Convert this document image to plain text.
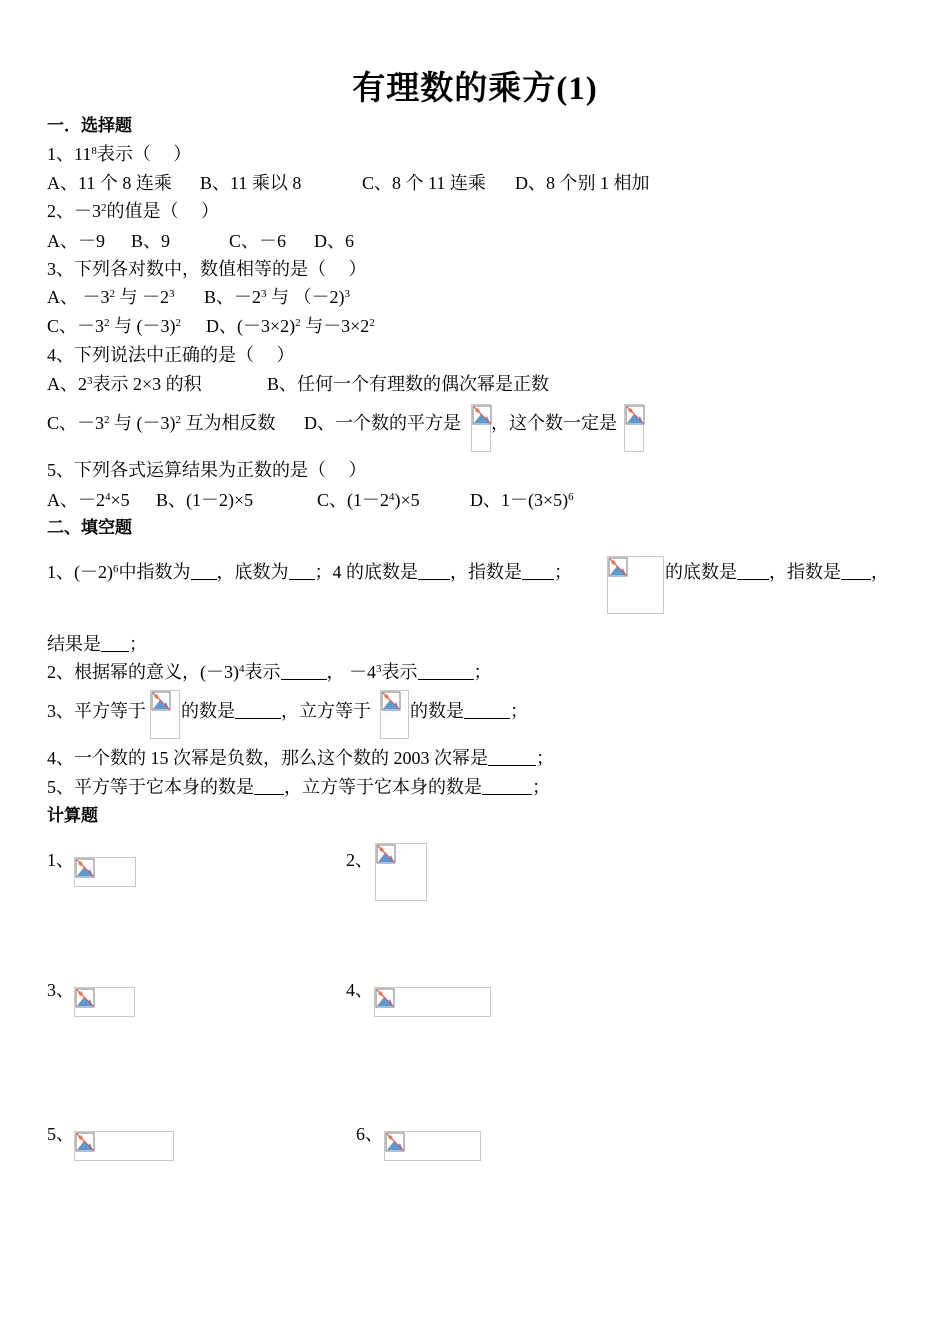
有理数的乘方(1)
一．选择题
1、$11^8$表示（　 ）
A、11 个 8 连乘 B、11 乘以 8	C、8 个 11 连乘 D、8 个别 1 相加
2、$-3^2$的值是（　 ）
A、－9 B、9	C、－6 D、6
3、下列各对数中，数值相等的是（　 ）
A、 $-3^2$ 与 $-2^3$ B、$-2^3$ 与 （－2)$^3$
C、$-3^2$ 与 $(-3)^2$ D、$(-3\times 2)^2$ 与$-3\times 2^2$
4、下列说法中正确的是（　 ）
A、$2^3$表示 2×3 的积	B、任何一个有理数的偶次幂是正数
C、$-3^2$ 与 $(-3)^2$ 互为相反数 D、一个数的平方是 ，这个数一定是
5、下列各式运算结果为正数的是（　 ）
A、$-2^4\times 5$ B、(1－2)×5	C、$(1-2^4)\times 5$	D、$1-(3\times 5)^6$
二、填空题
1、$(-2)^6$中指数为 ，底数为 ；4 的底数是 ，指数是 ；	的底数是 ，指数是 ，
结果是 ；
2、根据幂的意义，$(-3)^4$表示	， $-4^3$表示	；
3、平方等于 的数是	，立方等于 的数是	；
4、一个数的 15 次幂是负数，那么这个数的 2003 次幂是	；
5、平方等于它本身的数是 ，立方等于它本身的数是	；
计算题
1、	2、
3、	4、
5、	6、
